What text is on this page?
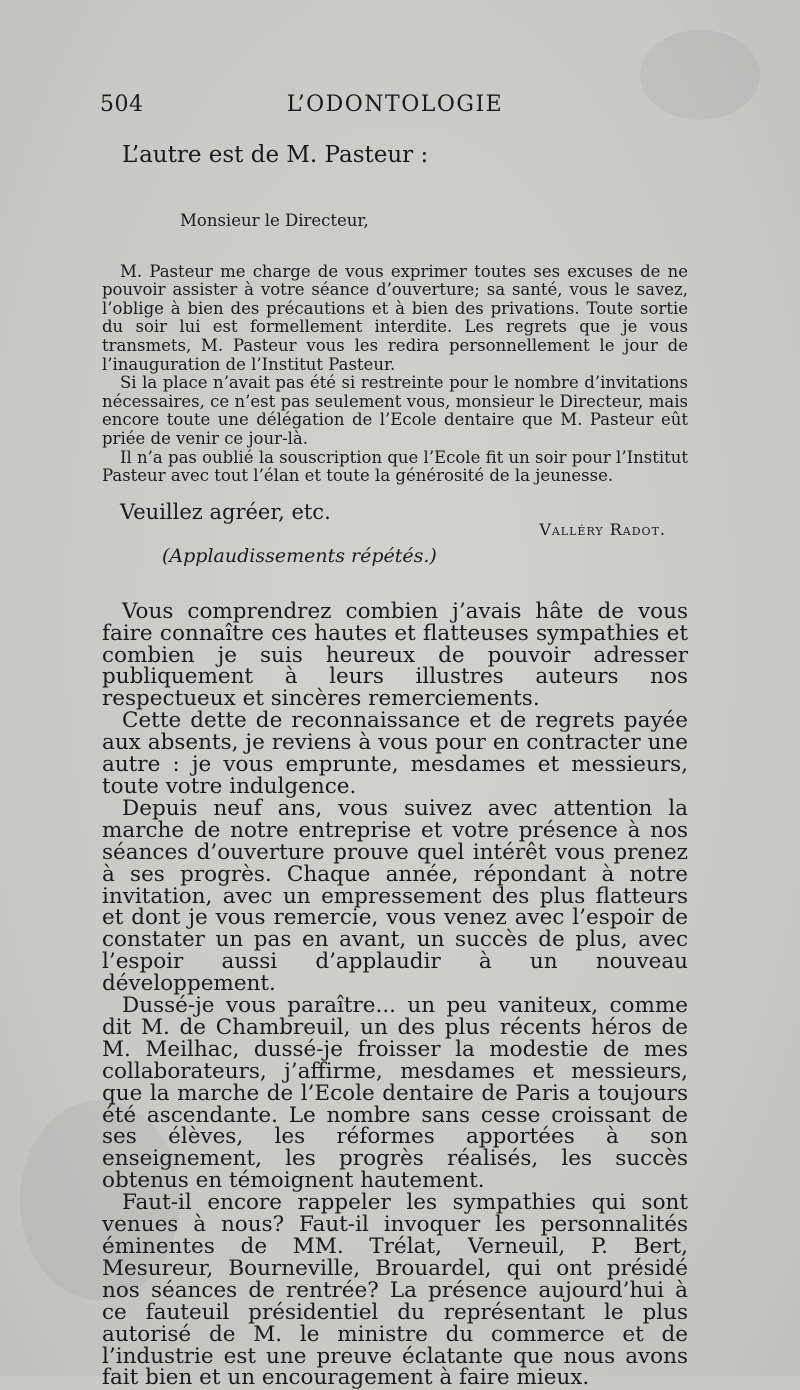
504	L’ODONTOLOGIE
L’autre est de M. Pasteur :
Monsieur le Directeur,

M. Pasteur me charge de vous exprimer toutes ses excuses de ne pouvoir assister à votre séance d’ouverture; sa santé, vous le savez, l’oblige à bien des précautions et à bien des privations. Toute sortie du soir lui est formellement interdite. Les regrets que je vous transmets, M. Pasteur vous les redira personnellement le jour de l’inauguration de l’Institut Pasteur.

Si la place n’avait pas été si restreinte pour le nombre d’invitations nécessaires, ce n’est pas seulement vous, monsieur le Directeur, mais encore toute une délégation de l’Ecole dentaire que M. Pasteur eût priée de venir ce jour-là.

Il n’a pas oublié la souscription que l’Ecole fit un soir pour l’Institut Pasteur avec tout l’élan et toute la générosité de la jeunesse.

Veuillez agréer, etc.
Valléry Radot.
(Applaudissements répétés.)

Vous comprendrez combien j’avais hâte de vous faire connaître ces hautes et flatteuses sympathies et combien je suis heureux de pouvoir adresser publiquement à leurs illustres auteurs nos respectueux et sincères remerciements.

Cette dette de reconnaissance et de regrets payée aux absents, je reviens à vous pour en contracter une autre : je vous emprunte, mesdames et messieurs, toute votre indulgence.

Depuis neuf ans, vous suivez avec attention la marche de notre entreprise et votre présence à nos séances d’ouverture prouve quel intérêt vous prenez à ses progrès. Chaque année, répondant à notre invitation, avec un empressement des plus flatteurs et dont je vous remercie, vous venez avec l’espoir de constater un pas en avant, un succès de plus, avec l’espoir aussi d’applaudir à un nouveau développement.

Dussé-je vous paraître... un peu vaniteux, comme dit M. de Chambreuil, un des plus récents héros de M. Meilhac, dussé-je froisser la modestie de mes collaborateurs, j’affirme, mesdames et messieurs, que la marche de l’Ecole dentaire de Paris a toujours été ascendante. Le nombre sans cesse croissant de ses élèves, les réformes apportées à son enseignement, les progrès réalisés, les succès obtenus en témoignent hautement.

Faut-il encore rappeler les sympathies qui sont venues à nous? Faut-il invoquer les personnalités éminentes de MM. Trélat, Verneuil, P. Bert, Mesureur, Bourneville, Brouardel, qui ont présidé nos séances de rentrée? La présence aujourd’hui à ce fauteuil présidentiel du représentant le plus autorisé de M. le ministre du commerce et de l’industrie est une preuve éclatante que nous avons fait bien et un encouragement à faire mieux.
